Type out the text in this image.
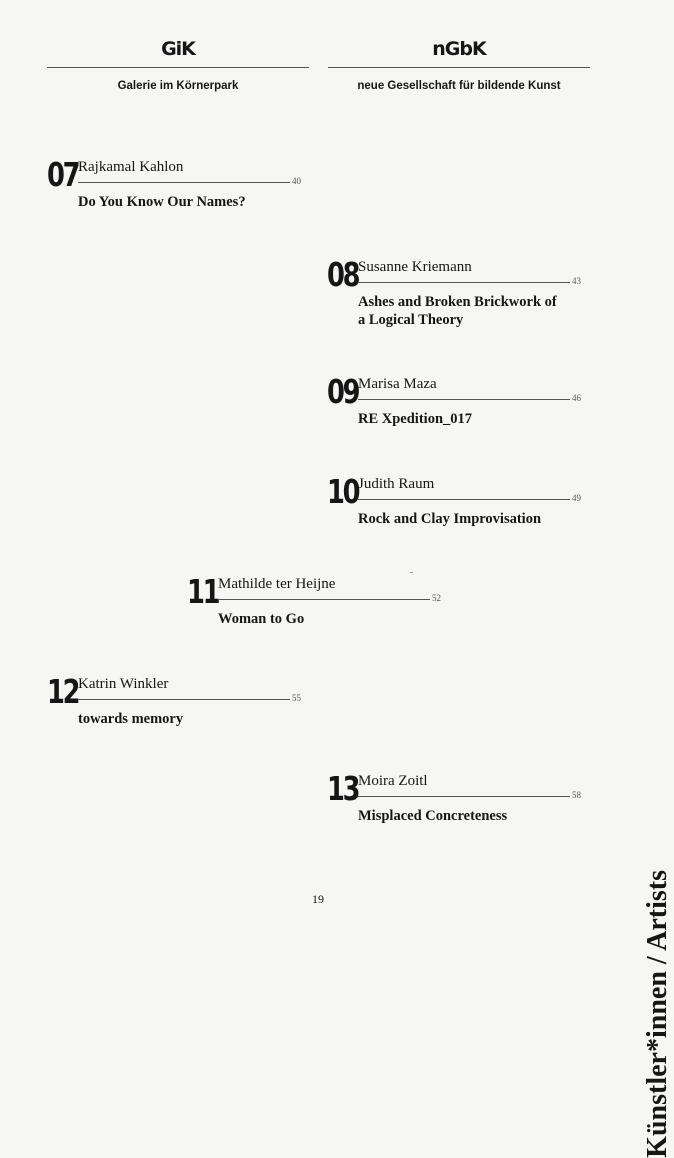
GiK
Galerie im Körnerpark
nGbK
neue Gesellschaft für bildende Kunst
07 Rajkamal Kahlon
40
Do You Know Our Names?
08 Susanne Kriemann
43
Ashes and Broken Brickwork of a Logical Theory
09 Marisa Maza
46
RE Xpedition_017
10 Judith Raum
49
Rock and Clay Improvisation
11 Mathilde ter Heijne
52
Woman to Go
12 Katrin Winkler
55
towards memory
13 Moira Zoitl
58
Misplaced Concreteness
Künstler*innen / Artists
19
